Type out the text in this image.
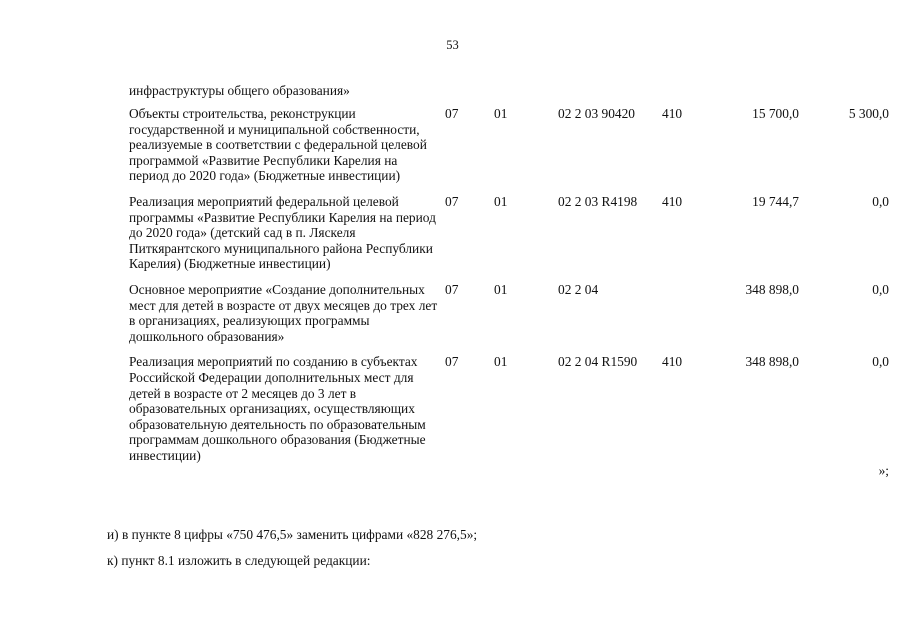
53
инфраструктуры общего образования»
Объекты строительства, реконструкции государственной и муниципальной собственности, реализуемые в соответствии с федеральной целевой программой «Развитие Республики Карелия на период до 2020 года» (Бюджетные инвестиции)	07	01	02 2 03 90420	410	15 700,0	5 300,0
Реализация мероприятий федеральной целевой программы «Развитие Республики Карелия на период до 2020 года» (детский сад в п. Ляскеля Питкярантского муниципального района Республики Карелия) (Бюджетные инвестиции)	07	01	02 2 03 R4198	410	19 744,7	0,0
Основное мероприятие «Создание дополнительных мест для детей в возрасте от двух месяцев до трех лет в организациях, реализующих программы дошкольного образования»	07	01	02 2 04		348 898,0	0,0
Реализация мероприятий по созданию в субъектах Российской Федерации дополнительных мест для детей в возрасте от 2 месяцев до 3 лет в образовательных организациях, осуществляющих образовательную деятельность по образовательным программам дошкольного образования (Бюджетные инвестиции)	07	01	02 2 04 R1590	410	348 898,0	0,0
						»;
и) в пункте 8 цифры «750 476,5» заменить цифрами «828 276,5»;
к) пункт 8.1 изложить в следующей редакции:
